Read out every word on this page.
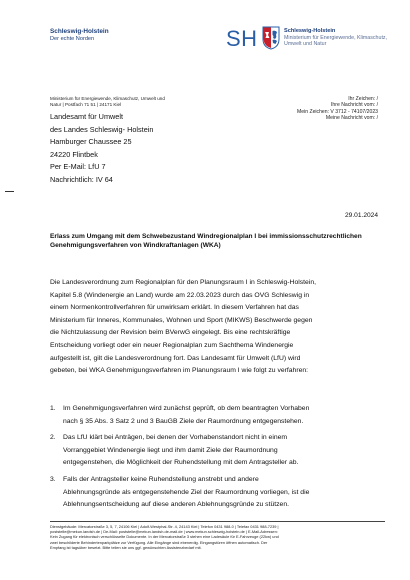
Schleswig-Holstein
Der echte Norden	SH	Schleswig-Holstein
Ministerium für Energiewende, Klimaschutz, Umwelt und Natur
Ministerium für Energiewende, Klimaschutz, Umwelt und
Natur | Postfach 71 51 | 24171 Kiel
Landesamt für Umwelt
des Landes Schleswig- Holstein
Hamburger Chaussee 25
24220 Flintbek
Per E-Mail: LfU 7
Nachrichtlich: IV 64
Ihr Zeichen: /
Ihre Nachricht vom: /
Mein Zeichen: V 3712 - 74107/2023
Meine Nachricht vom: /
29.01.2024
Erlass zum Umgang mit dem Schwebezustand Windregionalplan I bei immissionsschutzrechtlichen Genehmigungsverfahren von Windkraftanlagen (WKA)
Die Landesverordnung zum Regionalplan für den Planungsraum I in Schleswig-Holstein,
Kapitel 5.8 (Windenergie an Land) wurde am 22.03.2023 durch das OVG Schleswig in
einem Normenkontrollverfahren für unwirksam erklärt. In diesem Verfahren hat das
Ministerium für Inneres, Kommunales, Wohnen und Sport (MIKWS) Beschwerde gegen
die Nichtzulassung der Revision beim BVerwG eingelegt. Bis eine rechtskräftige
Entscheidung vorliegt oder ein neuer Regionalplan zum Sachthema Windenergie
aufgestellt ist, gilt die Landesverordnung fort. Das Landesamt für Umwelt (LfU) wird
gebeten, bei WKA Genehmigungsverfahren im Planungsraum I wie folgt zu verfahren:
1. Im Genehmigungsverfahren wird zunächst geprüft, ob dem beantragten Vorhaben
nach § 35 Abs. 3 Satz 2 und 3 BauGB Ziele der Raumordnung entgegenstehen.
2. Das LfU klärt bei Anträgen, bei denen der Vorhabenstandort nicht in einem
Vorranggebiet Windenergie liegt und ihm damit Ziele der Raumordnung
entgegenstehen, die Möglichkeit der Ruhendstellung mit dem Antragsteller ab.
3. Falls der Antragsteller keine Ruhendstellung anstrebt und andere
Ablehnungsgründe als entgegenstehende Ziel der Raumordnung vorliegen, ist die
Ablehnungsentscheidung auf diese anderen Ablehnungsgründe zu stützen.
Dienstgebäude: Mercatorstraße 3, 5, 7, 24106 Kiel | Adolf-Westphal-Str. 4, 24143 Kiel | Telefon 0431 988-0 | Telefax 0431 988-7239 |
poststelle@mekun.landsh.de | De-Mail: poststelle@mekun.landsh.de-mail.de | www.mekun.schleswig-holstein.de | E-Mail-Adressen:
Kein Zugang für elektronisch verschlüsselte Dokumente. In der Mercatorstraße 3 stehen eine Ladesäule für E-Fahrzeuge (22kw) und
zwei beschilderte Behindertenparkplätze zur Verfügung. Alle Eingänge sind ebenerdig. Eingangstüren öffnen automatisch. Der
Empfang ist tagsüber besetzt. Bitte teilen sie uns ggf. gewünschten Assistenzbedarf mit.
